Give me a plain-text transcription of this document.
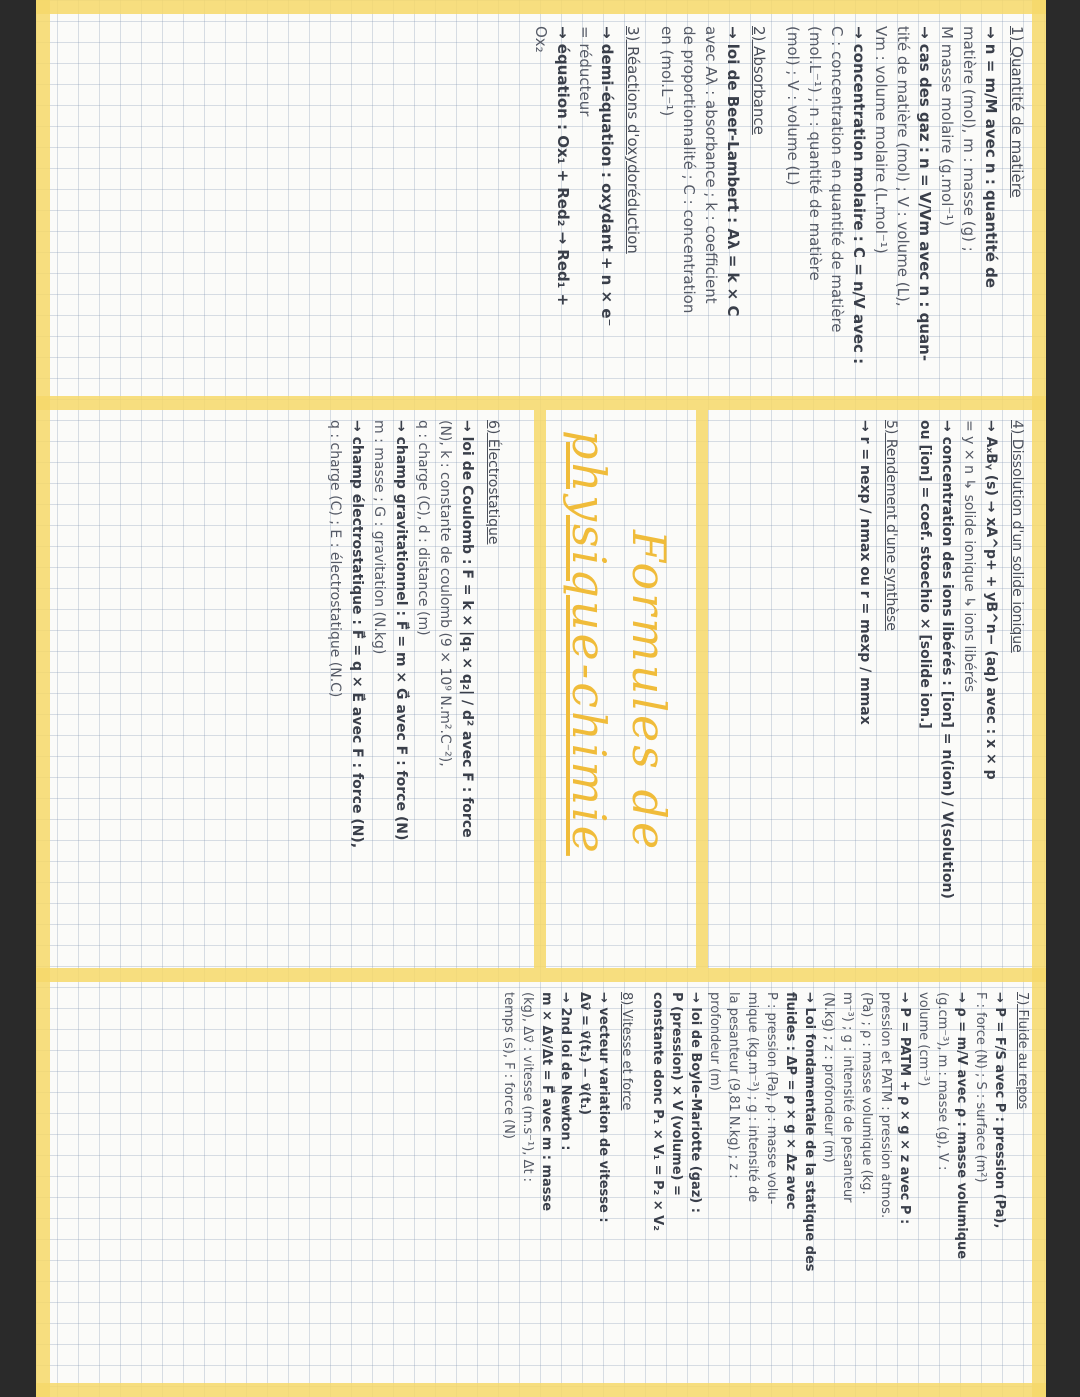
Formules de
physique-chimie
1) Quantité de matière
→ n = m/M avec n : quantité de
matière (mol), m : masse (g) ;
M masse molaire (g.mol⁻¹)
→ cas des gaz : n = V/Vm avec n : quan-
tité de matière (mol) ; V : volume (L),
Vm : volume molaire (L.mol⁻¹)
→ concentration molaire : C = n/V avec :
C : concentration en quantité de matière
(mol.L⁻¹) ; n : quantité de matière
(mol) ; V : volume (L)
2) Absorbance
→ loi de Beer-Lambert : Aλ = k × C
avec Aλ : absorbance ; k : coefficient
de proportionnalité ; C : concentration
en (mol.L⁻¹)
3) Réactions d'oxydoréduction
→ demi-équation : oxydant + n × e⁻
= réducteur
→ équation : Ox₁ + Red₂ → Red₁ +
Ox₂
4) Dissolution d'un solide ionique
→ AₓBᵧ (s) → xA^p+ + yB^n− (aq) avec : x × p
= y × n ↳ solide ionique ↳ ions libérés
→ concentration des ions libérés : [ion] = n(ion) / V(solution)
ou [ion] = coef. stoechio × [solide ion.]
5) Rendement d'une synthèse
→ r = nexp / nmax ou r = mexp / mmax
6) Électrostatique
→ loi de Coulomb : F = k × |q₁ × q₂| / d² avec F : force
(N), k : constante de coulomb (9 × 10⁹ N.m².C⁻²),
q : charge (C), d : distance (m)
→ champ gravitationnel : F⃗ = m × G⃗ avec F : force (N)
m : masse ; G : gravitation (N.kg)
→ champ électrostatique : F⃗ = q × E⃗ avec F : force (N),
q : charge (C) ; E : électrostatique (N.C)
7) Fluide au repos
→ P = F/S avec P : pression (Pa),
F : force (N) ; S : surface (m²)
→ ρ = m/V avec ρ : masse volumique
(g.cm⁻³), m : masse (g), V :
volume (cm⁻³)
→ P = PATM + ρ × g × z avec P :
pression et PATM : pression atmos.
(Pa) ; ρ : masse volumique (kg.
m⁻³) ; g : intensité de pesanteur
(N.kg) ; z : profondeur (m)
→ Loi fondamentale de la statique des
fluides : ΔP = ρ × g × Δz avec
P : pression (Pa), ρ : masse volu-
mique (kg.m⁻³) ; g : intensité de
la pesanteur (9,81 N.kg) ; z :
profondeur (m)
→ loi de Boyle-Mariotte (gaz) :
P (pression) × V (volume) =
constante donc P₁ × V₁ = P₂ × V₂
8) Vitesse et force
→ vecteur variation de vitesse :
Δv⃗ = v⃗(t₂) − v⃗(t₁)
→ 2nd loi de Newton :
m × Δv⃗/Δt = F⃗ avec m : masse
(kg), Δv⃗ : vitesse (m.s⁻¹), Δt :
temps (s), F : force (N)
